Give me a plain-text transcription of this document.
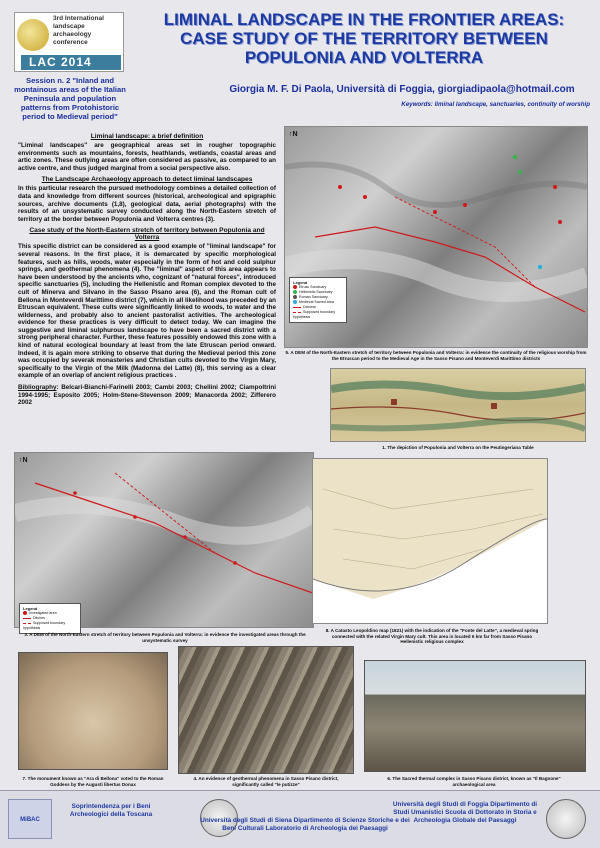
3rd International
landscape
archaeology
conference
LAC 2014
Session n. 2 "Inland and montainous areas of the Italian Peninsula and population patterns from Protohistoric period to Medieval period"
LIMINAL LANDSCAPE IN THE FRONTIER AREAS: CASE STUDY OF THE TERRITORY BETWEEN POPULONIA AND VOLTERRA
Giorgia M. F. Di Paola, Università di Foggia, giorgiadipaola@hotmail.com
Keywords: liminal landscape, sanctuaries, continuity of worship
Liminal landscape: a brief definition

"Liminal landscapes" are geographical areas set in rougher topographic environments such as mountains, forests, heathlands, wetlands, coastal areas and artic zones. These outlying areas are often considered as passive, as compared to an active centre, and thus judged marginal from a social perspective also.

The Landscape Archaeology approach to detect liminal landscapes

In this particular research the pursued methodology combines a detailed collection of data and knowledge from different sources (historical, archeological and epigraphic sources, archive documents (1,8), geological data, aerial photographs) with the results of an unsystematic survey conducted along the North-Eastern stretch of territory at the border between Populonia and Volterra centres (3).

Case study of the North-Eastern stretch of territory between Populonia and Volterra

This specific district can be considered as a good example of "liminal landscape" for several reasons. In the first place, it is demarcated by specific morphological features, such as hills, woods, water especially in the form of hot and cold sulphur springs, and geothermal phenomena (4). The "liminal" aspect of this area appears to have been understood by the ancients who, cognizant of "natural forces", introduced specific sanctuaries (5), including the Hellenistic and Roman complex devoted to the cult of Minerva and Silvano in the Sasso Pisano area (6), and the Roman cult of Bellona in Monteverdi Marittimo district (7), which in all likelihood was preceded by an Etruscan equivalent. These cults were significantly linked to woods, to water and the wilderness, and probably also to ancient pastoralist activities. The archeological evidence for these practices is very difficult to detect today. We can imagine the suggestive and liminal sulphurous landscape to have been a sacred district with a strong peripheral character. Further, these features possibly endowed this zone with a kind of natural ecological boundary at least from the late Etruscan period onward. Indeed, it is again more striking to observe that during the Medieval period this zone was occupied by severak monasteries and Christian cults devoted to the Virgin Mary, specifically to the Virgin of the Milk (Madonna del Latte) (8), this serving as a clear example of an overlap of ancient religious practices .

Bibliography: Belcari-Bianchi-Farinelli 2003; Cambi 2003; Chellini 2002; Ciampoltrini 1994-1995; Esposito 2005; Holm-Stene-Stevenson 2009; Manacorda 2002; Zifferero 2002

↑N
Legend
Etrusc Sanctuary
Hellenistic Sanctuary
Roman Sanctuary
Medieval Sacred area
Diocese
Supposed boundary hypothesis
5. A DEM of the North-Eastern stretch of territory between Populonia and Volterra: in evidence the continuity of the religious worship from the Etruscan period to the Medieval Age in the Sasso Pisano and Monteverdi Marittimo districts
1. The depiction of Populonia and Volterra on the Peutingeriana Table
↑N
Legend
Investigated area
Ditches
Supposed boundary hypothesis
3. A DEM of the North-Eastern stretch of territory between Populonia and Volterra: in evidence the investigated areas through the unsystematic survey
8. A Catasto Leopoldino map (1821) with the indication of the "Fonte del Latte", a medieval spring connected with the related Virgin Mary cult. This area is located 6 km far from Sasso Pisano Hellenistic religious complex
7. The monument known as "Ara di Bellona" voted to the Roman Goddess by the Augusti libertus Donax
4. An evidence of geothermal phenomena in Sasso Pisano district, significantly called "le putizze"
6. The Sacred thermal complex in Sasso Pisano district, known as "Il Bagnone" archaeological area
MiBAC
Soprintendenza per i Beni Archeologici della Toscana
Università degli Studi di Siena Dipartimento di Scienze Storiche e dei Beni Culturali Laboratorio di Archeologia dei Paesaggi
Università degli Studi di Foggia Dipartimento di Studi Umanistici Scuola di Dottorato in Storia e Archeologia Globale dei Paesaggi
